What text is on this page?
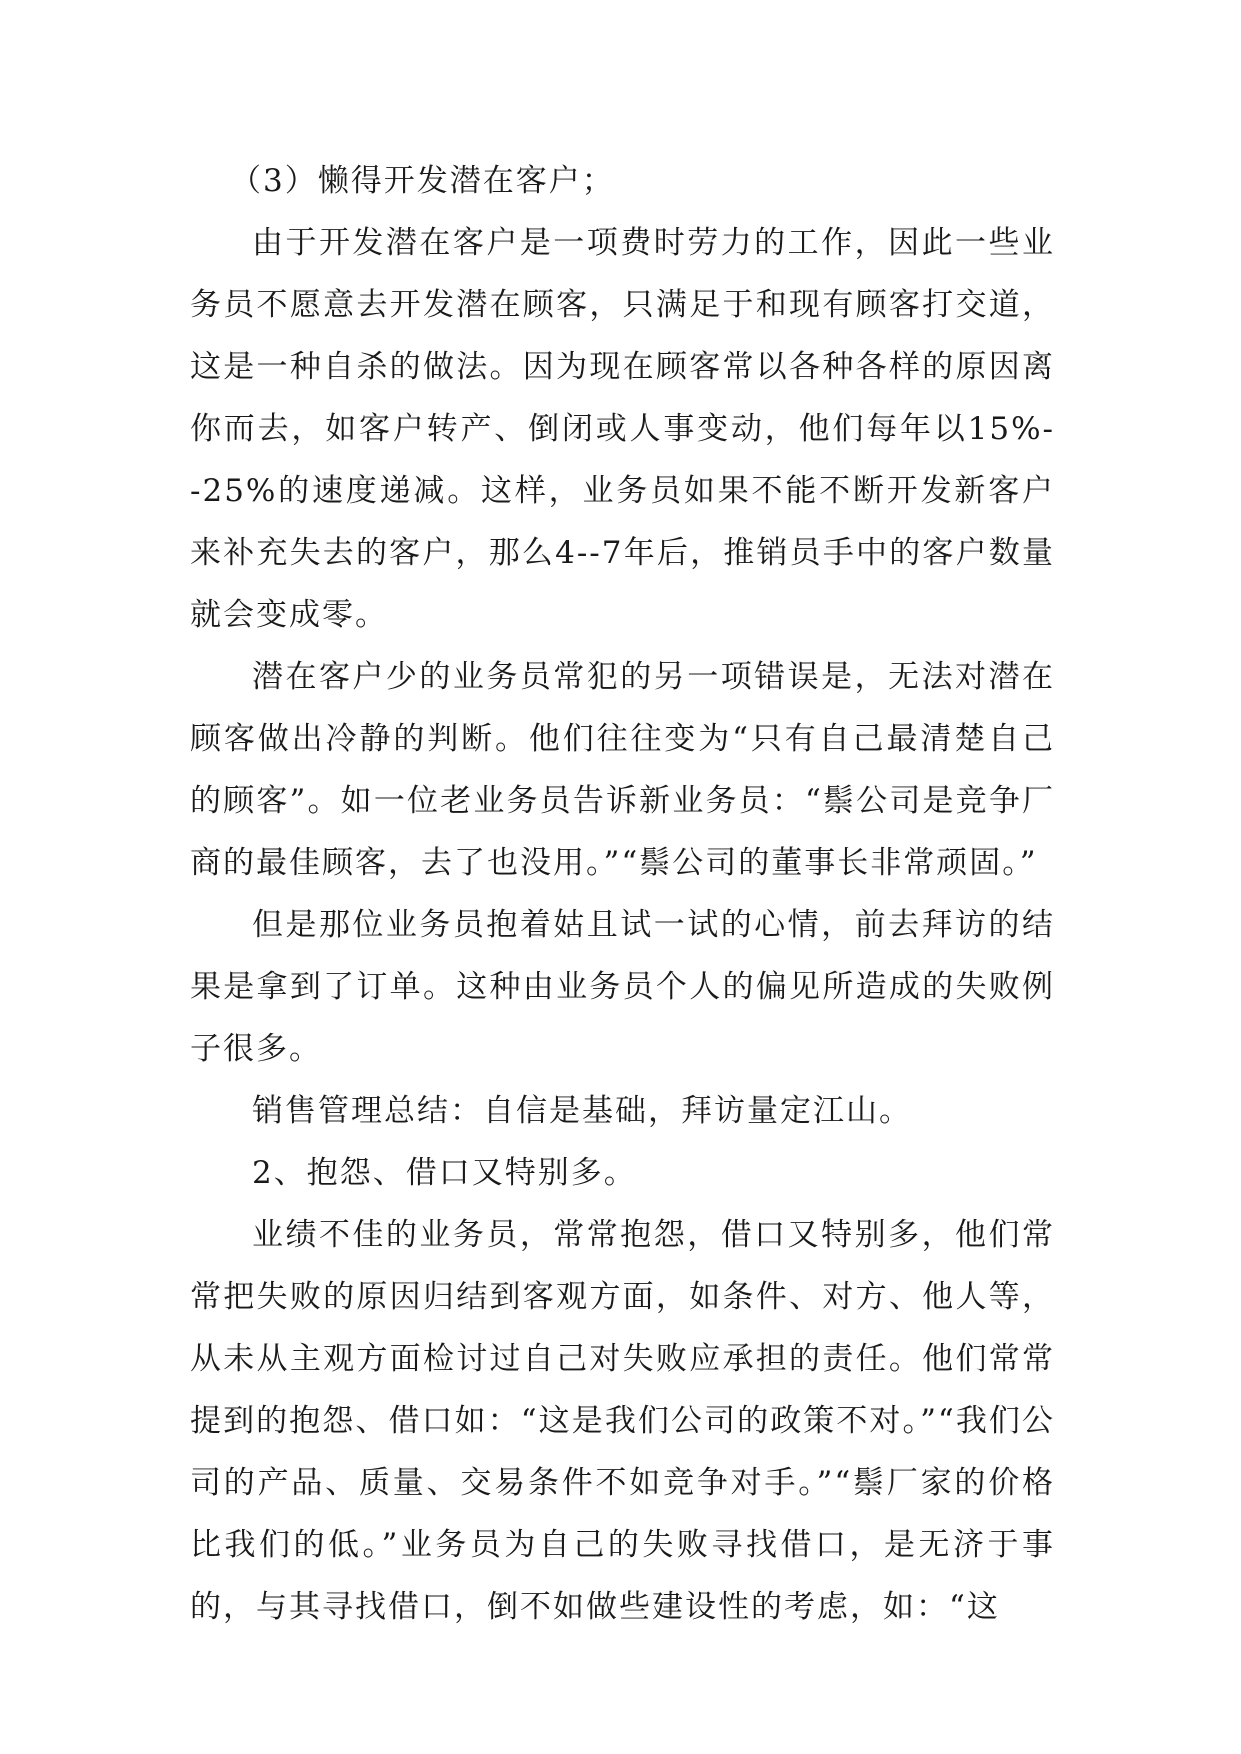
（3）懒得开发潜在客户；

由于开发潜在客户是一项费时劳力的工作，因此一些业务员不愿意去开发潜在顾客，只满足于和现有顾客打交道，这是一种自杀的做法。因为现在顾客常以各种各样的原因离你而去，如客户转产、倒闭或人事变动，他们每年以15%--25%的速度递减。这样，业务员如果不能不断开发新客户来补充失去的客户，那么4--7年后，推销员手中的客户数量就会变成零。

潜在客户少的业务员常犯的另一项错误是，无法对潜在顾客做出冷静的判断。他们往往变为“只有自己最清楚自己的顾客”。如一位老业务员告诉新业务员：“鬃公司是竞争厂商的最佳顾客，去了也没用。”“鬃公司的董事长非常顽固。”

但是那位业务员抱着姑且试一试的心情，前去拜访的结果是拿到了订单。这种由业务员个人的偏见所造成的失败例子很多。

销售管理总结：自信是基础，拜访量定江山。

2、抱怨、借口又特别多。

业绩不佳的业务员，常常抱怨，借口又特别多，他们常常把失败的原因归结到客观方面，如条件、对方、他人等，从未从主观方面检讨过自己对失败应承担的责任。他们常常提到的抱怨、借口如：“这是我们公司的政策不对。”“我们公司的产品、质量、交易条件不如竞争对手。”“鬃厂家的价格比我们的低。”业务员为自己的失败寻找借口，是无济于事的，与其寻找借口，倒不如做些建设性的考虑，如：“这
